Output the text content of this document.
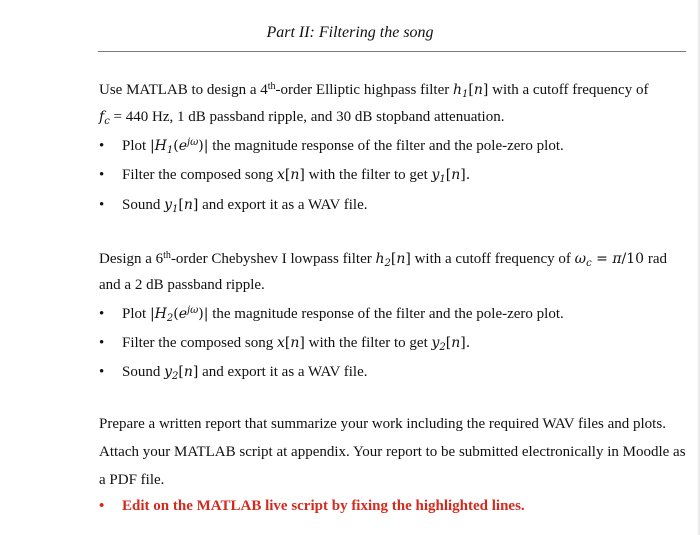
Part II: Filtering the song
Use MATLAB to design a 4th-order Elliptic highpass filter $h_1[n]$ with a cutoff frequency of
$f_c = 440$ Hz, 1 dB passband ripple, and 30 dB stopband attenuation.
• Plot $|H_1(e^{j\omega})|$ the magnitude response of the filter and the pole-zero plot.
• Filter the composed song x[n] with the filter to get $y_1[n]$.
• Sound $y_1[n]$ and export it as a WAV file.
Design a 6th-order Chebyshev I lowpass filter $h_2[n]$ with a cutoff frequency of $\omega_c = \pi/10$ rad
and a 2 dB passband ripple.
• Plot $|H_2(e^{j\omega})|$ the magnitude response of the filter and the pole-zero plot.
• Filter the composed song x[n] with the filter to get $y_2[n]$.
• Sound $y_2[n]$ and export it as a WAV file.
Prepare a written report that summarize your work including the required WAV files and plots. Attach your MATLAB script at appendix. Your report to be submitted electronically in Moodle as a PDF file.
• Edit on the MATLAB live script by fixing the highlighted lines.
